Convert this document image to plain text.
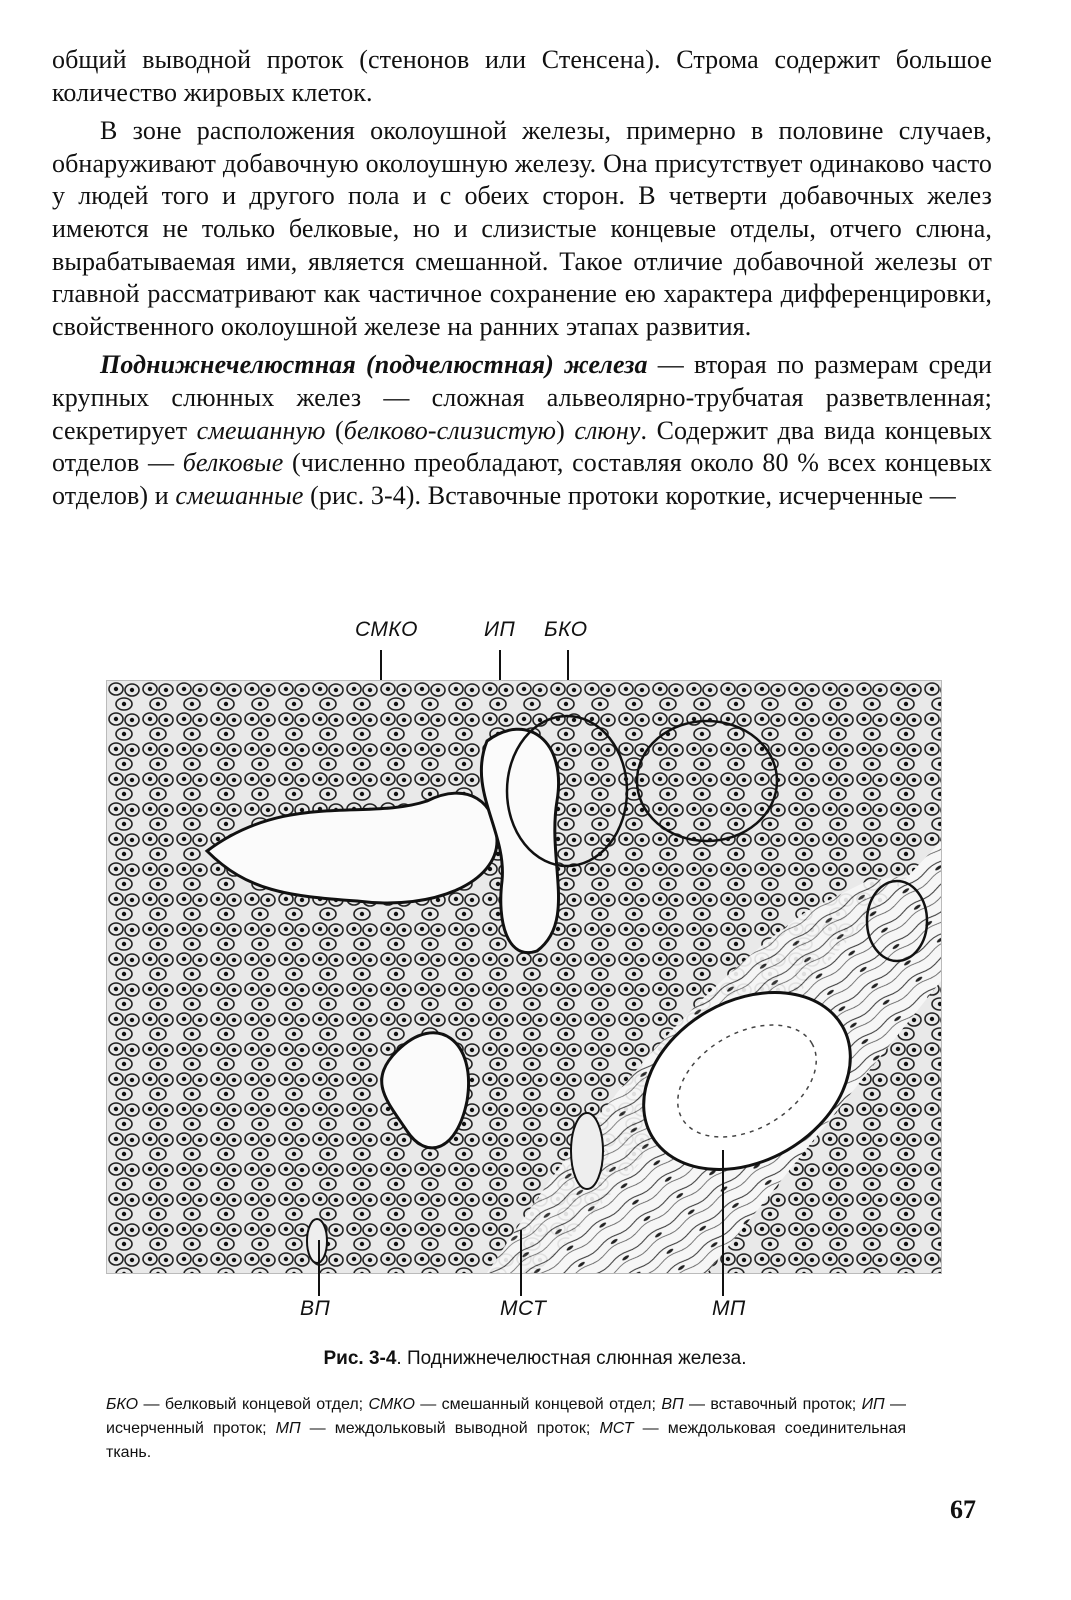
общий выводной проток (стенонов или Стенсена). Строма содержит большое количество жировых клеток.

В зоне расположения околоушной железы, примерно в половине случаев, обнаруживают добавочную околоушную железу. Она присутствует одинаково часто у людей того и другого пола и с обеих сторон. В четверти добавочных желез имеются не только белковые, но и слизистые концевые отделы, отчего слюна, вырабатываемая ими, является смешанной. Такое отличие добавочной железы от главной рассматривают как частичное сохранение ею характера дифференцировки, свойственного околоушной железе на ранних этапах развития.

Поднижнечелюстная (подчелюстная) железа — вторая по размерам среди крупных слюнных желез — сложная альвеолярно-трубчатая разветвленная; секретирует смешанную (белково-слизистую) слюну. Содержит два вида концевых отделов — белковые (численно преобладают, составляя около 80 % всех концевых отделов) и смешанные (рис. 3-4). Вставочные протоки короткие, исчерченные —

СМКО	ИП БКО
ВП	МСТ	МП
Рис. 3-4. Поднижнечелюстная слюнная железа.
БКО — белковый концевой отдел; СМКО — смешанный концевой отдел; ВП — вставочный проток; ИП — исчерченный проток; МП — междольковый выводной проток; МСТ — междольковая соединительная ткань.
67
